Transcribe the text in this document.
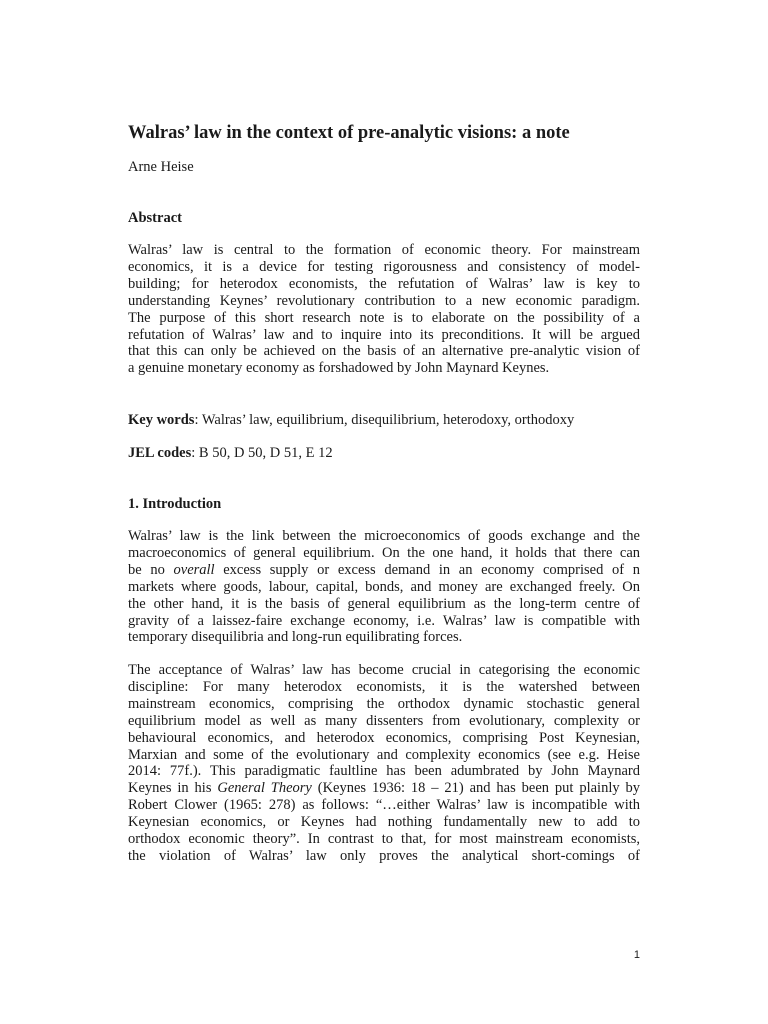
Walras’ law in the context of pre-analytic visions: a note
Arne Heise
Abstract
Walras’ law is central to the formation of economic theory. For mainstream
economics, it is a device for testing rigorousness and consistency of model-
building; for heterodox economists, the refutation of Walras’ law is key to
understanding Keynes’ revolutionary contribution to a new economic paradigm.
The purpose of this short research note is to elaborate on the possibility of a
refutation of Walras’ law and to inquire into its preconditions. It will be argued
that this can only be achieved on the basis of an alternative pre-analytic vision of
a genuine monetary economy as forshadowed by John Maynard Keynes.
Key words: Walras’ law, equilibrium, disequilibrium, heterodoxy, orthodoxy
JEL codes: B 50, D 50, D 51, E 12
1. Introduction
Walras’ law is the link between the microeconomics of goods exchange and the
macroeconomics of general equilibrium. On the one hand, it holds that there can
be no overall excess supply or excess demand in an economy comprised of n
markets where goods, labour, capital, bonds, and money are exchanged freely. On
the other hand, it is the basis of general equilibrium as the long-term centre of
gravity of a laissez-faire exchange economy, i.e. Walras’ law is compatible with
temporary disequilibria and long-run equilibrating forces.
The acceptance of Walras’ law has become crucial in categorising the economic
discipline: For many heterodox economists, it is the watershed between
mainstream economics, comprising the orthodox dynamic stochastic general
equilibrium model as well as many dissenters from evolutionary, complexity or
behavioural economics, and heterodox economics, comprising Post Keynesian,
Marxian and some of the evolutionary and complexity economics (see e.g. Heise
2014: 77f.). This paradigmatic faultline has been adumbrated by John Maynard
Keynes in his General Theory (Keynes 1936: 18 – 21) and has been put plainly by
Robert Clower (1965: 278) as follows: “…either Walras’ law is incompatible with
Keynesian economics, or Keynes had nothing fundamentally new to add to
orthodox economic theory”. In contrast to that, for most mainstream economists,
the violation of Walras’ law only proves the analytical short-comings of
1
